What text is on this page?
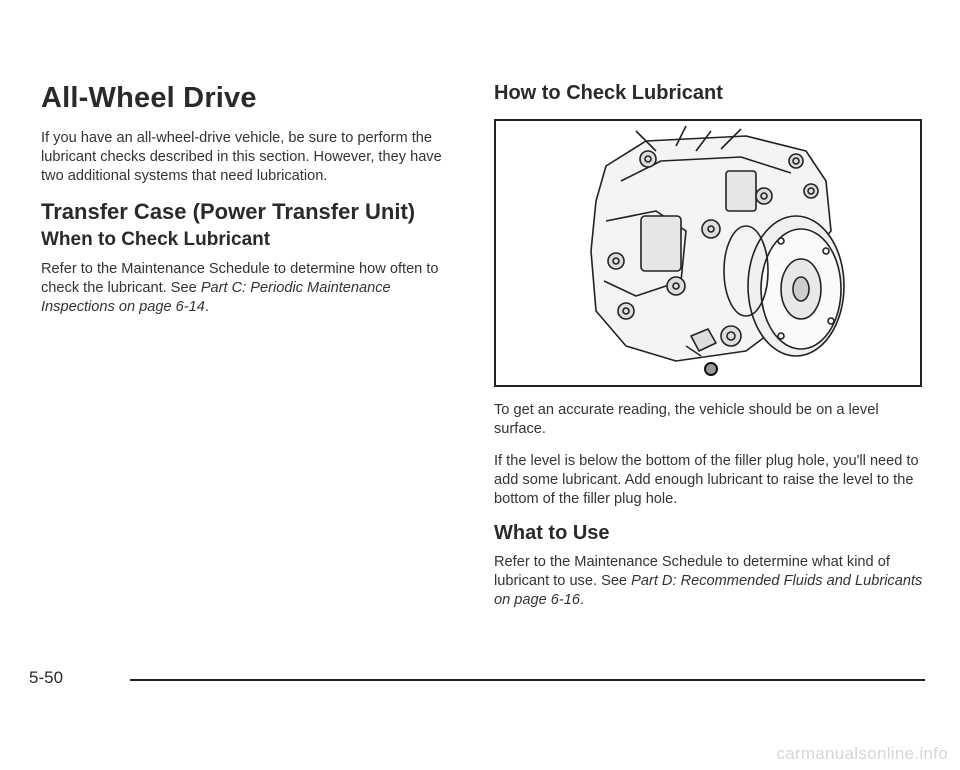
All-Wheel Drive

If you have an all-wheel-drive vehicle, be sure to perform the lubricant checks described in this section. However, they have two additional systems that need lubrication.

Transfer Case (Power Transfer Unit)
When to Check Lubricant

Refer to the Maintenance Schedule to determine how often to check the lubricant. See Part C: Periodic Maintenance Inspections on page 6-14.

How to Check Lubricant

To get an accurate reading, the vehicle should be on a level surface.

If the level is below the bottom of the filler plug hole, you'll need to add some lubricant. Add enough lubricant to raise the level to the bottom of the filler plug hole.

What to Use

Refer to the Maintenance Schedule to determine what kind of lubricant to use. See Part D: Recommended Fluids and Lubricants on page 6-16.

5-50
carmanualsonline.info
